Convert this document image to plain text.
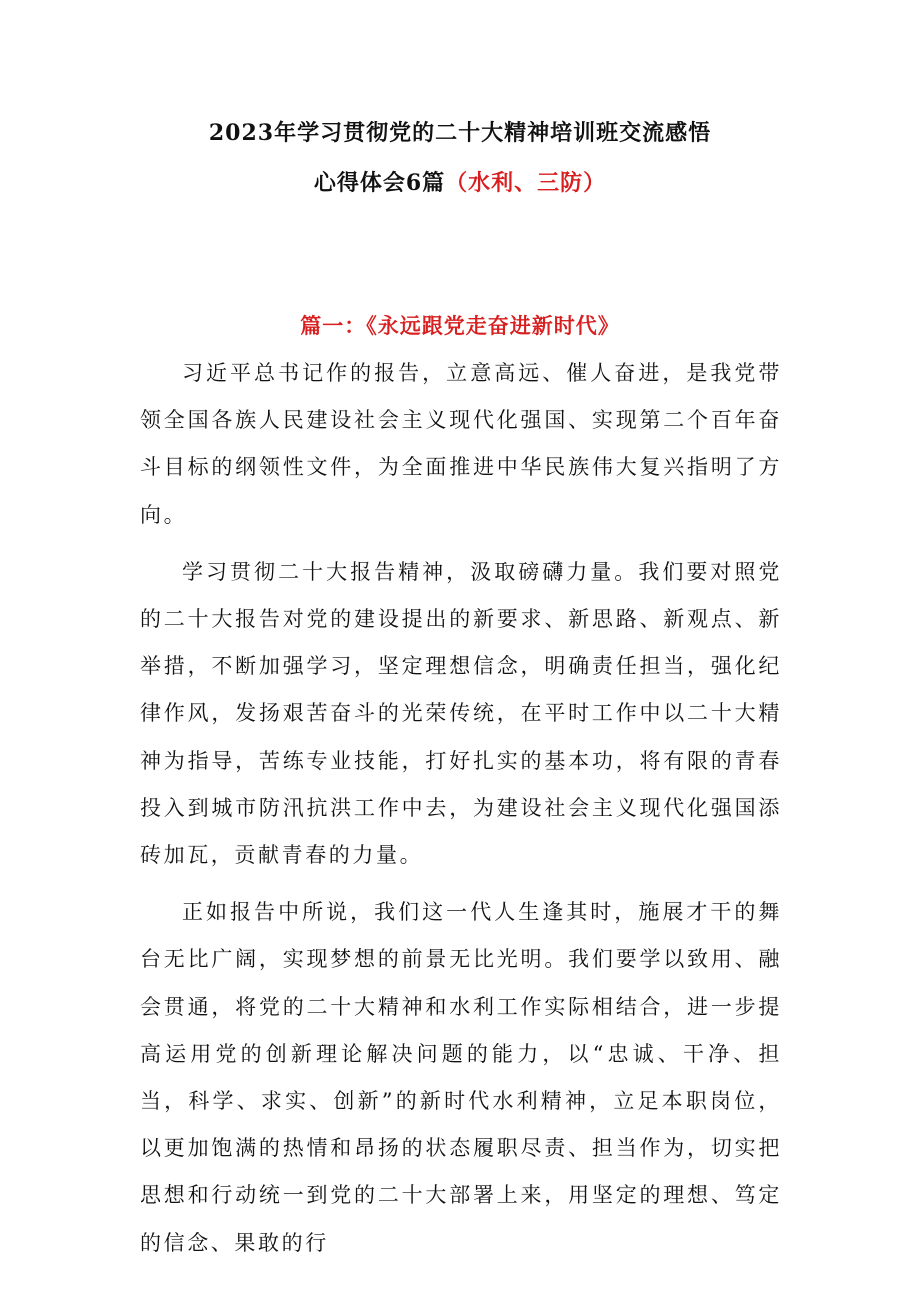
2023年学习贯彻党的二十大精神培训班交流感悟
心得体会6篇（水利、三防）
篇一：《永远跟党走奋进新时代》

习近平总书记作的报告，立意高远、催人奋进，是我党带领全国各族人民建设社会主义现代化强国、实现第二个百年奋斗目标的纲领性文件，为全面推进中华民族伟大复兴指明了方向。

学习贯彻二十大报告精神，汲取磅礴力量。我们要对照党的二十大报告对党的建设提出的新要求、新思路、新观点、新举措，不断加强学习，坚定理想信念，明确责任担当，强化纪律作风，发扬艰苦奋斗的光荣传统，在平时工作中以二十大精神为指导，苦练专业技能，打好扎实的基本功，将有限的青春投入到城市防汛抗洪工作中去，为建设社会主义现代化强国添砖加瓦，贡献青春的力量。

正如报告中所说，我们这一代人生逢其时，施展才干的舞台无比广阔，实现梦想的前景无比光明。我们要学以致用、融会贯通，将党的二十大精神和水利工作实际相结合，进一步提高运用党的创新理论解决问题的能力，以“忠诚、干净、担当，科学、求实、创新”的新时代水利精神，立足本职岗位，以更加饱满的热情和昂扬的状态履职尽责、担当作为，切实把思想和行动统一到党的二十大部署上来，用坚定的理想、笃定的信念、果敢的行
